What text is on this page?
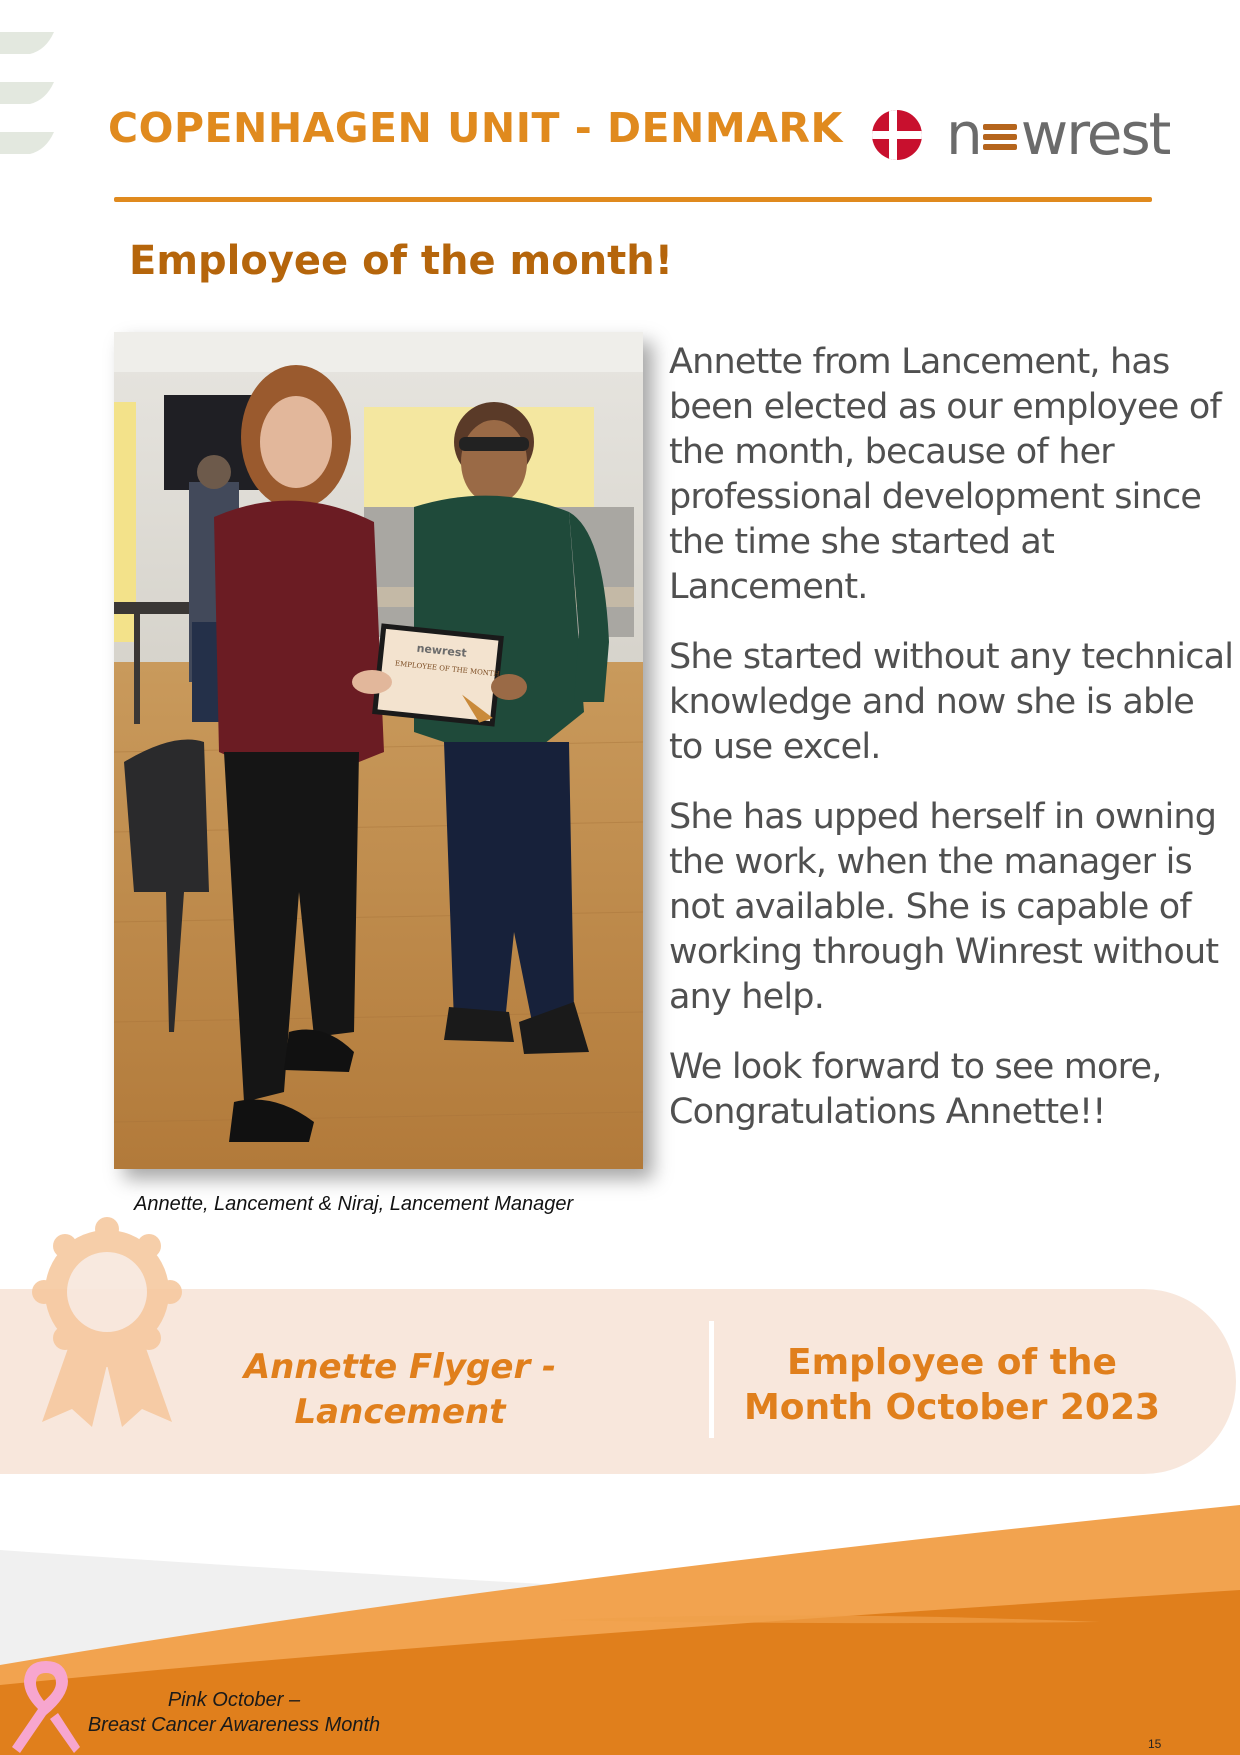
COPENHAGEN UNIT - DENMARK n wrest
Employee of the month!
newrest
EMPLOYEE OF THE MONTH
Annette, Lancement & Niraj, Lancement Manager

Annette from Lancement, has been elected as our employee of the month, because of her professional development since the time she started at Lancement.

She started without any technical knowledge and now she is able to use excel.

She has upped herself in owning the work, when the manager is not available. She is capable of working through Winrest without any help.

We look forward to see more, Congratulations Annette!!

Annette Flyger - Lancement
Employee of the Month October 2023
Pink October –
Breast Cancer Awareness Month
15
